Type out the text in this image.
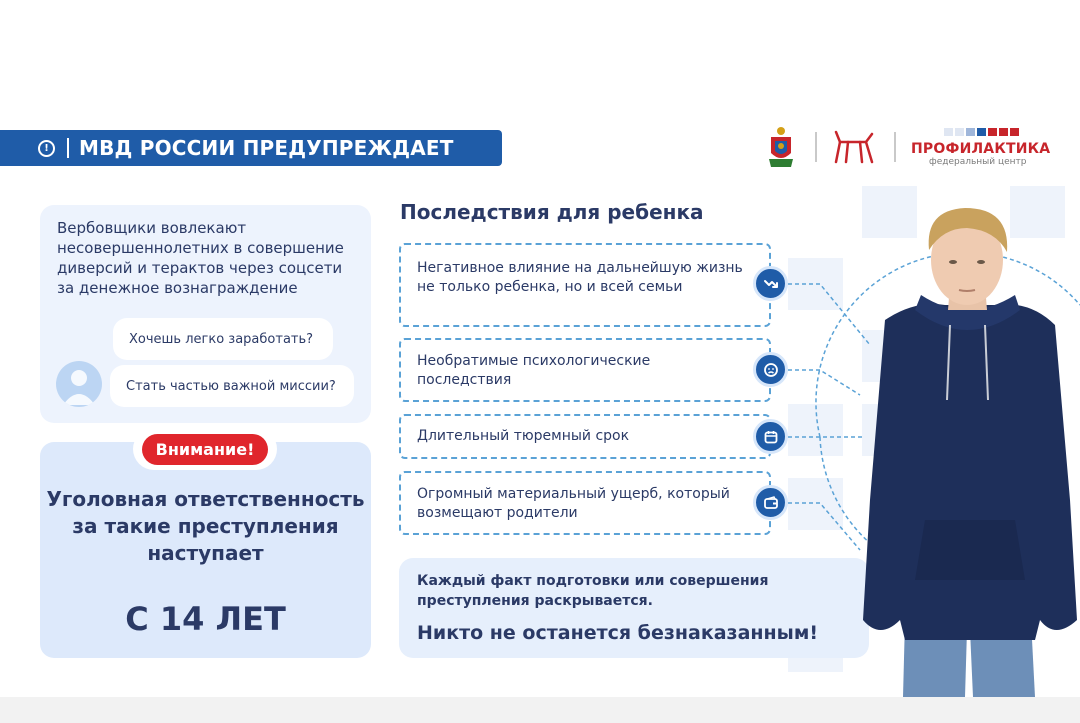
! МВД РОССИИ ПРЕДУПРЕЖДАЕТ	ПРОФИЛАКТИКА
федеральный центр
Вербовщики вовлекают несовершеннолетних в совершение диверсий и терактов через соцсети за денежное вознаграждение
Хочешь легко заработать?
Стать частью важной миссии?
Внимание!
Уголовная ответственность за такие преступления наступает
С 14 ЛЕТ
Последствия для ребенка
Негативное влияние на дальнейшую жизнь не только ребенка, но и всей семьи
Необратимые психологические последствия
Длительный тюремный срок
Огромный материальный ущерб, который возмещают родители
Каждый факт подготовки или совершения преступления раскрывается.
Никто не останется безнаказанным!
